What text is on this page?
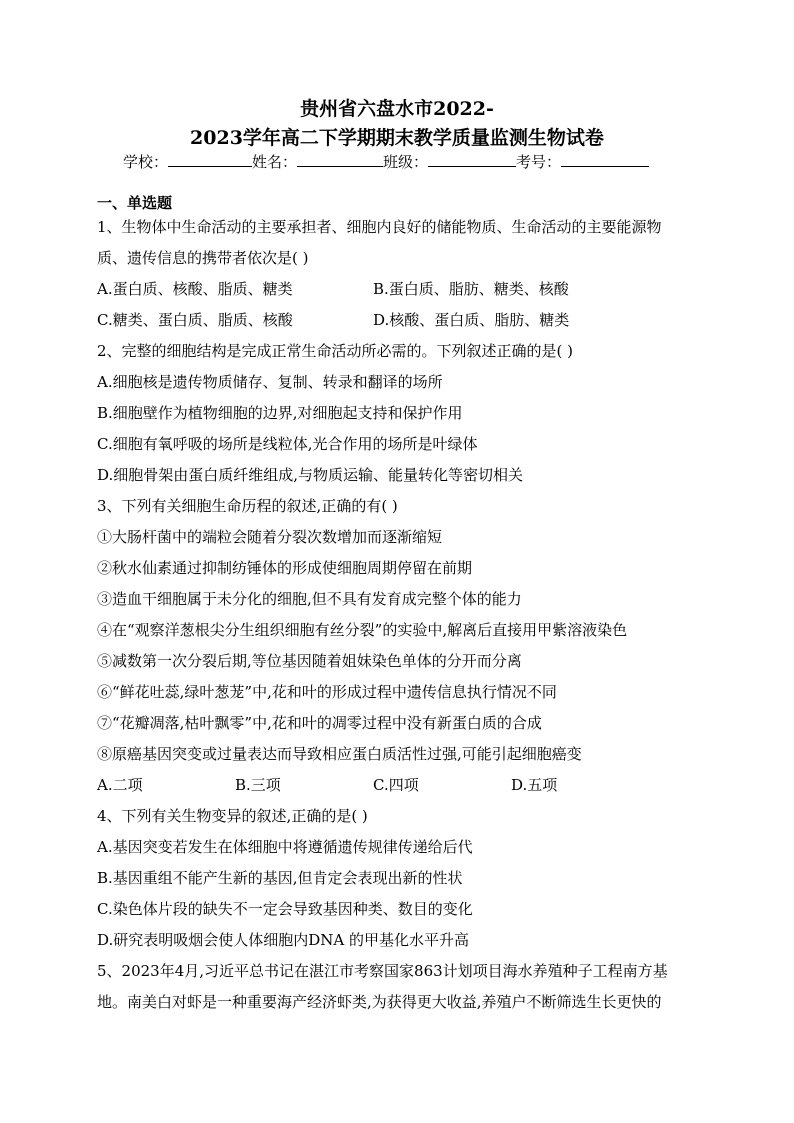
贵州省六盘水市2022-
2023学年高二下学期期末教学质量监测生物试卷
学校：	姓名：	班级：	考号：
一、单选题
1、生物体中生命活动的主要承担者、细胞内良好的储能物质、生命活动的主要能源物
质、遗传信息的携带者依次是( )
A.蛋白质、核酸、脂质、糖类	B.蛋白质、脂肪、糖类、核酸
C.糖类、蛋白质、脂质、核酸	D.核酸、蛋白质、脂肪、糖类
2、完整的细胞结构是完成正常生命活动所必需的。下列叙述正确的是( )
A.细胞核是遗传物质储存、复制、转录和翻译的场所
B.细胞壁作为植物细胞的边界,对细胞起支持和保护作用
C.细胞有氧呼吸的场所是线粒体,光合作用的场所是叶绿体
D.细胞骨架由蛋白质纤维组成,与物质运输、能量转化等密切相关
3、下列有关细胞生命历程的叙述,正确的有( )
①大肠杆菌中的端粒会随着分裂次数增加而逐渐缩短
②秋水仙素通过抑制纺锤体的形成使细胞周期停留在前期
③造血干细胞属于未分化的细胞,但不具有发育成完整个体的能力
④在“观察洋葱根尖分生组织细胞有丝分裂”的实验中,解离后直接用甲紫溶液染色
⑤减数第一次分裂后期,等位基因随着姐妹染色单体的分开而分离
⑥“鲜花吐蕊,绿叶葱茏”中,花和叶的形成过程中遗传信息执行情况不同
⑦“花瓣凋落,枯叶飘零”中,花和叶的凋零过程中没有新蛋白质的合成
⑧原癌基因突变或过量表达而导致相应蛋白质活性过强,可能引起细胞癌变
A.二项	B.三项	C.四项	D.五项
4、下列有关生物变异的叙述,正确的是( )
A.基因突变若发生在体细胞中将遵循遗传规律传递给后代
B.基因重组不能产生新的基因,但肯定会表现出新的性状
C.染色体片段的缺失不一定会导致基因种类、数目的变化
D.研究表明吸烟会使人体细胞内DNA 的甲基化水平升高
5、2023年4月,习近平总书记在湛江市考察国家863计划项目海水养殖种子工程南方基
地。南美白对虾是一种重要海产经济虾类,为获得更大收益,养殖户不断筛选生长更快的
